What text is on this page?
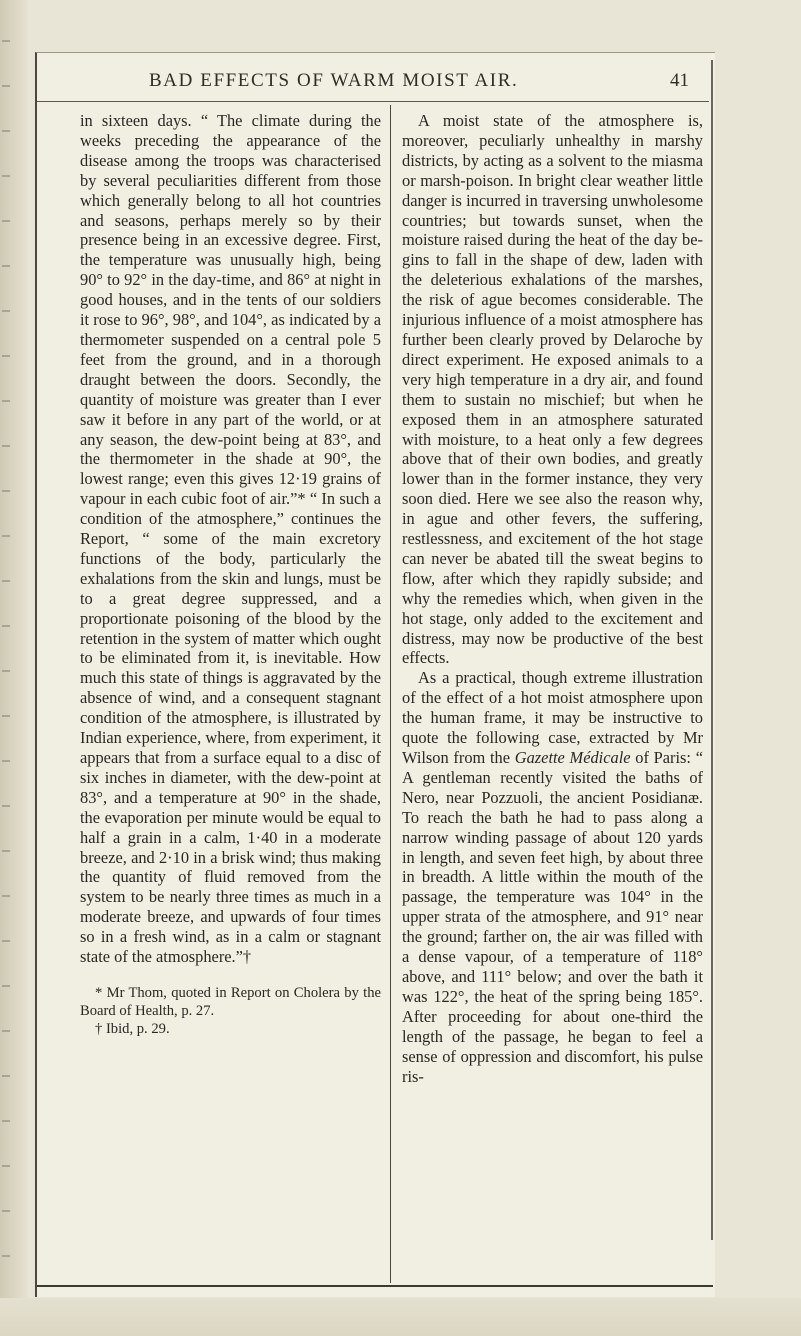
BAD EFFECTS OF WARM MOIST AIR.	41

in sixteen days. “ The climate during the weeks preceding the appearance of the disease among the troops was characterised by several peculiarities different from those which generally belong to all hot countries and seasons, perhaps merely so by their presence being in an excessive degree. First, the temperature was unusually high, being 90° to 92° in the day-time, and 86° at night in good houses, and in the tents of our soldiers it rose to 96°, 98°, and 104°, as indicated by a thermometer suspended on a central pole 5 feet from the ground, and in a thorough draught between the doors. Secondly, the quantity of moisture was greater than I ever saw it before in any part of the world, or at any season, the dew-point being at 83°, and the thermometer in the shade at 90°, the lowest range; even this gives 12·19 grains of vapour in each cubic foot of air.”* “ In such a condition of the atmosphere,” continues the Report, “ some of the main excretory functions of the body, particularly the exhalations from the skin and lungs, must be to a great degree suppressed, and a proportionate poisoning of the blood by the retention in the system of matter which ought to be eliminated from it, is inevitable. How much this state of things is aggravated by the absence of wind, and a consequent stagnant condition of the atmosphere, is illustrated by Indian experience, where, from experiment, it appears that from a surface equal to a disc of six inches in diameter, with the dew-point at 83°, and a temperature at 90° in the shade, the evaporation per minute would be equal to half a grain in a calm, 1·40 in a moderate breeze, and 2·10 in a brisk wind; thus making the quantity of fluid removed from the system to be nearly three times as much in a moderate breeze, and upwards of four times so in a fresh wind, as in a calm or stagnant state of the atmosphere.”†

* Mr Thom, quoted in Report on Cholera by the Board of Health, p. 27.

† Ibid, p. 29.

A moist state of the atmosphere is, moreover, peculiarly unhealthy in marshy districts, by acting as a solvent to the miasma or marsh-poison. In bright clear weather little danger is incurred in traversing unwholesome countries; but towards sunset, when the moisture raised during the heat of the day begins to fall in the shape of dew, laden with the deleterious exhalations of the marshes, the risk of ague becomes considerable. The injurious influence of a moist atmosphere has further been clearly proved by Delaroche by direct experiment. He exposed animals to a very high temperature in a dry air, and found them to sustain no mischief; but when he exposed them in an atmosphere saturated with moisture, to a heat only a few degrees above that of their own bodies, and greatly lower than in the former instance, they very soon died. Here we see also the reason why, in ague and other fevers, the suffering, restlessness, and excitement of the hot stage can never be abated till the sweat begins to flow, after which they rapidly subside; and why the remedies which, when given in the hot stage, only added to the excitement and distress, may now be productive of the best effects.

As a practical, though extreme illustration of the effect of a hot moist atmosphere upon the human frame, it may be instructive to quote the following case, extracted by Mr Wilson from the Gazette Médicale of Paris: “ A gentleman recently visited the baths of Nero, near Pozzuoli, the ancient Posidianæ. To reach the bath he had to pass along a narrow winding passage of about 120 yards in length, and seven feet high, by about three in breadth. A little within the mouth of the passage, the temperature was 104° in the upper strata of the atmosphere, and 91° near the ground; farther on, the air was filled with a dense vapour, of a temperature of 118° above, and 111° below; and over the bath it was 122°, the heat of the spring being 185°. After proceeding for about one-third the length of the passage, he began to feel a sense of oppression and discomfort, his pulse ris-
